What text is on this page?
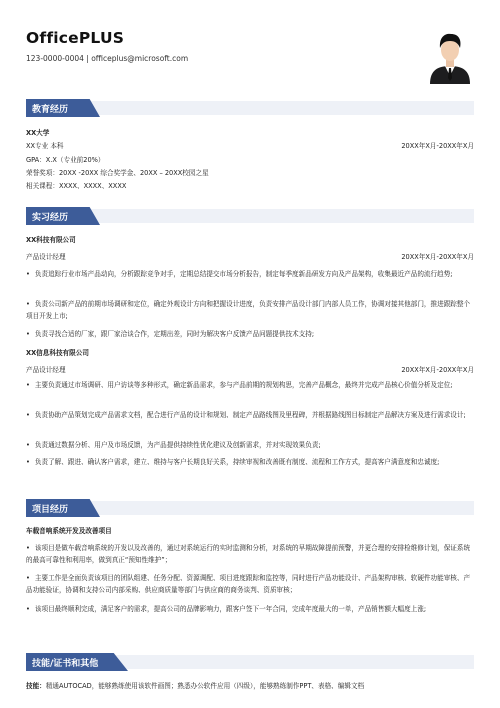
OfficePLUS
123-0000-0004 | officeplus@microsoft.com
教育经历
XX大学
XX专业 本科	20XX年X月-20XX年X月
GPA：X.X（专业前20%）
荣誉奖项：20XX -20XX 综合奖学金、20XX – 20XX校园之星
相关课程：XXXX、XXXX、XXXX
实习经历
XX科技有限公司
产品设计经理	20XX年X月-20XX年X月
• 负责追踪行业市场产品动向，分析跟踪竞争对手，定期总结提交市场分析报告，制定每季度新品研发方向及产品架构，收集最近产品的流行趋势;
• 负责公司新产品的前期市场调研和定位，确定外观设计方向和把握设计进度，负责安排产品设计部门内部人员工作，协调对接其他部门，推进跟踪整个项目开发上市;
• 负责寻找合适的厂家，跟厂家洽谈合作，定期出差，同时为解决客户反馈产品问题提供技术支持;
XX信息科技有限公司
产品设计经理	20XX年X月-20XX年X月
• 主要负责通过市场调研、用户访谈等多种形式，确定新品需求，参与产品前期的规划构思，完善产品概念，最终并完成产品核心价值分析及定位;
• 负责协助产品策划完成产品需求文档，配合进行产品的设计和规划、制定产品路线图及里程碑，并根据路线图目标制定产品解决方案及进行需求设计;
• 负责通过数据分析、用户及市场反馈，为产品提供持续性优化建议及创新需求，并对实现效果负责;
• 负责了解、跟进、确认客户需求，建立、维持与客户长期良好关系，持续审视和改善既有制度、流程和工作方式，提高客户满意度和忠诚度;
项目经历
车载音响系统开发及改善项目
• 该项目是做车载音响系统的开发以及改善的，通过对系统运行的实时监测和分析，对系统的早期故障提前预警，并更合理的安排检维修计划，保证系统的最高可靠性和利用率，做到真正“预知性维护”；
• 主要工作是全面负责该项目的团队组建、任务分配、资源调配、项目进度跟踪和监控等，同时进行产品功能设计、产品架构审核、软硬件功能审核、产品功能验证，协调和支持公司内部采购、供应商质量等部门与供应商的商务谈判、资质审核；
• 该项目最终顺利完成，满足客户的需求，提高公司的品牌影响力，跟客户签下一年合同，完成年度最大的一单，产品销售额大幅度上涨;
技能/证书和其他
技能：精通AUTOCAD，能够熟练使用该软件画图；熟悉办公软件应用（四级），能够熟练制作PPT、表格、编辑文档
